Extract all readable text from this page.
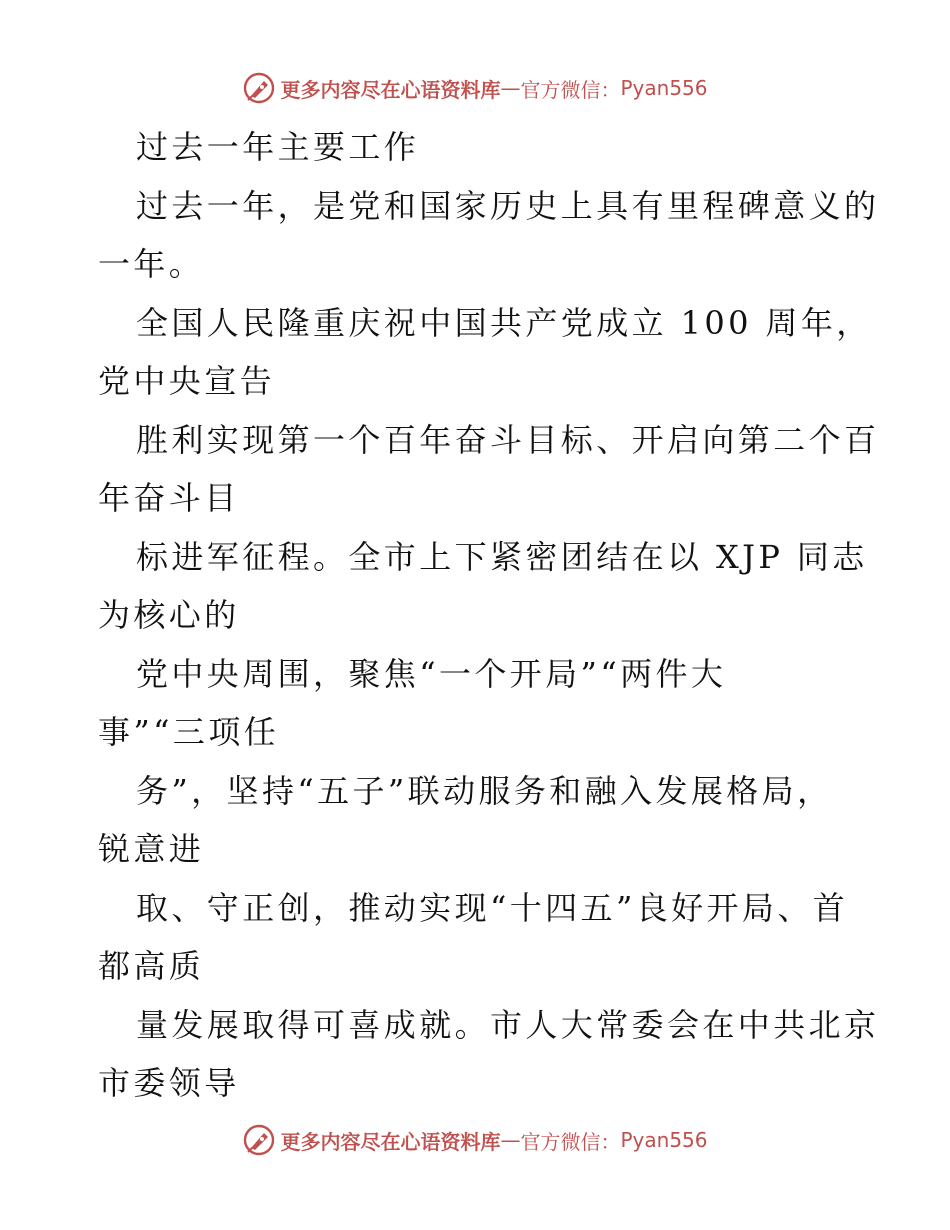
更多内容尽在心语资料库 — 官方微信： Pyan556
过去一年主要工作
过去一年，是党和国家历史上具有里程碑意义的
一年。
全国人民隆重庆祝中国共产党成立 100 周年，
党中央宣告
胜利实现第一个百年奋斗目标、开启向第二个百
年奋斗目
标进军征程。全市上下紧密团结在以 XJP 同志
为核心的
党中央周围，聚焦“一个开局”“两件大
事”“三项任
务”，坚持“五子”联动服务和融入发展格局，
锐意进
取、守正创，推动实现“十四五”良好开局、首
都高质
量发展取得可喜成就。市人大常委会在中共北京
市委领导
更多内容尽在心语资料库 — 官方微信： Pyan556
